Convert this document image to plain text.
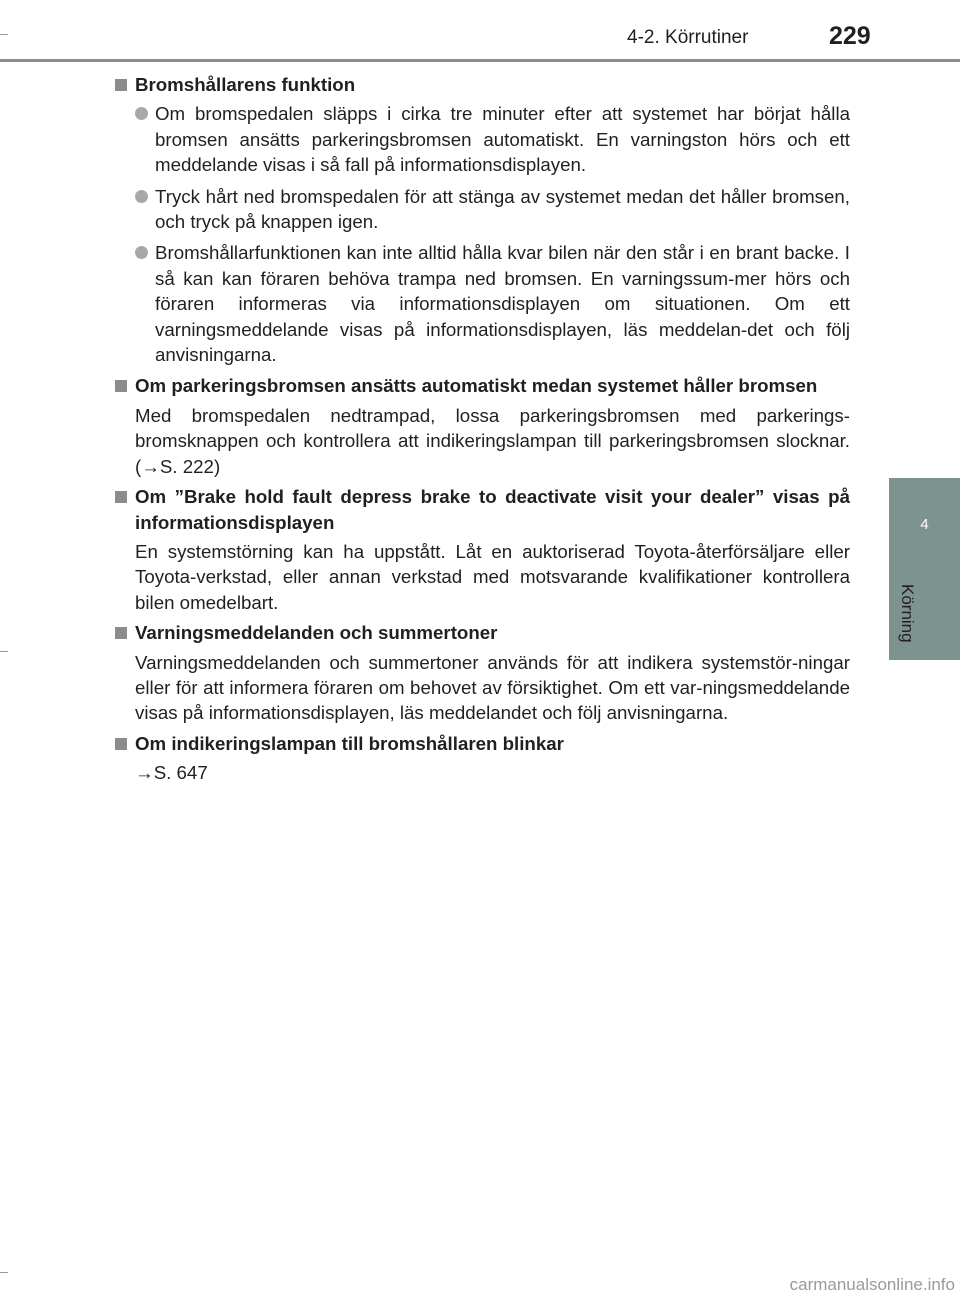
4-2. Körrutiner	229
4
Körning
Bromshållarens funktion
Om bromspedalen släpps i cirka tre minuter efter att systemet har börjat hålla bromsen ansätts parkeringsbromsen automatiskt. En varningston hörs och ett meddelande visas i så fall på informationsdisplayen.
Tryck hårt ned bromspedalen för att stänga av systemet medan det håller bromsen, och tryck på knappen igen.
Bromshållarfunktionen kan inte alltid hålla kvar bilen när den står i en brant backe. I så kan kan föraren behöva trampa ned bromsen. En varningssum-mer hörs och föraren informeras via informationsdisplayen om situationen. Om ett varningsmeddelande visas på informationsdisplayen, läs meddelan-det och följ anvisningarna.
Om parkeringsbromsen ansätts automatiskt medan systemet håller bromsen
Med bromspedalen nedtrampad, lossa parkeringsbromsen med parkerings-bromsknappen och kontrollera att indikeringslampan till parkeringsbromsen slocknar. (→S. 222)
Om ”Brake hold fault depress brake to deactivate visit your dealer” visas på informationsdisplayen
En systemstörning kan ha uppstått. Låt en auktoriserad Toyota-återförsäljare eller Toyota-verkstad, eller annan verkstad med motsvarande kvalifikationer kontrollera bilen omedelbart.
Varningsmeddelanden och summertoner
Varningsmeddelanden och summertoner används för att indikera systemstör-ningar eller för att informera föraren om behovet av försiktighet. Om ett var-ningsmeddelande visas på informationsdisplayen, läs meddelandet och följ anvisningarna.
Om indikeringslampan till bromshållaren blinkar
→S. 647
carmanualsonline.info
